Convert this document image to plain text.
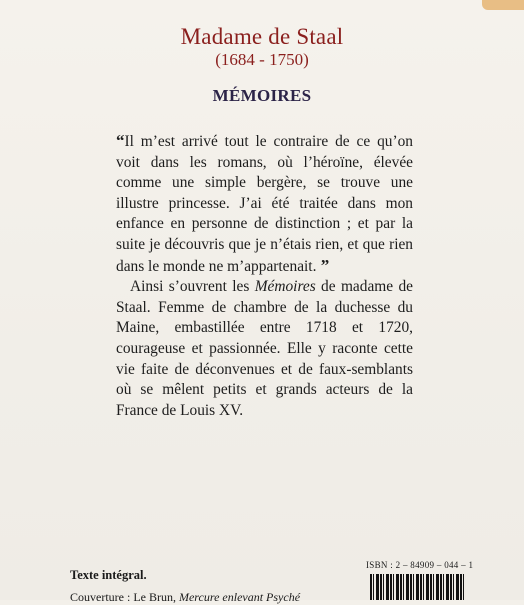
Madame de Staal
(1684 - 1750)
MÉMOIRES

“Il m’est arrivé tout le contraire de ce qu’on voit dans les romans, où l’héroïne, élevée comme une simple bergère, se trouve une illustre princesse. J’ai été traitée dans mon enfance en personne de distinction ; et par la suite je découvris que je n’étais rien, et que rien dans le monde ne m’appartenait. ”

Ainsi s’ouvrent les Mémoires de madame de Staal. Femme de chambre de la duchesse du Maine, embastillée entre 1718 et 1720, courageuse et passionnée. Elle y raconte cette vie faite de déconvenues et de faux-semblants où se mêlent petits et grands acteurs de la France de Louis XV.

Texte intégral.
Couverture : Le Brun, Mercure enlevant Psyché
ISBN : 2 – 84909 – 044 – 1
